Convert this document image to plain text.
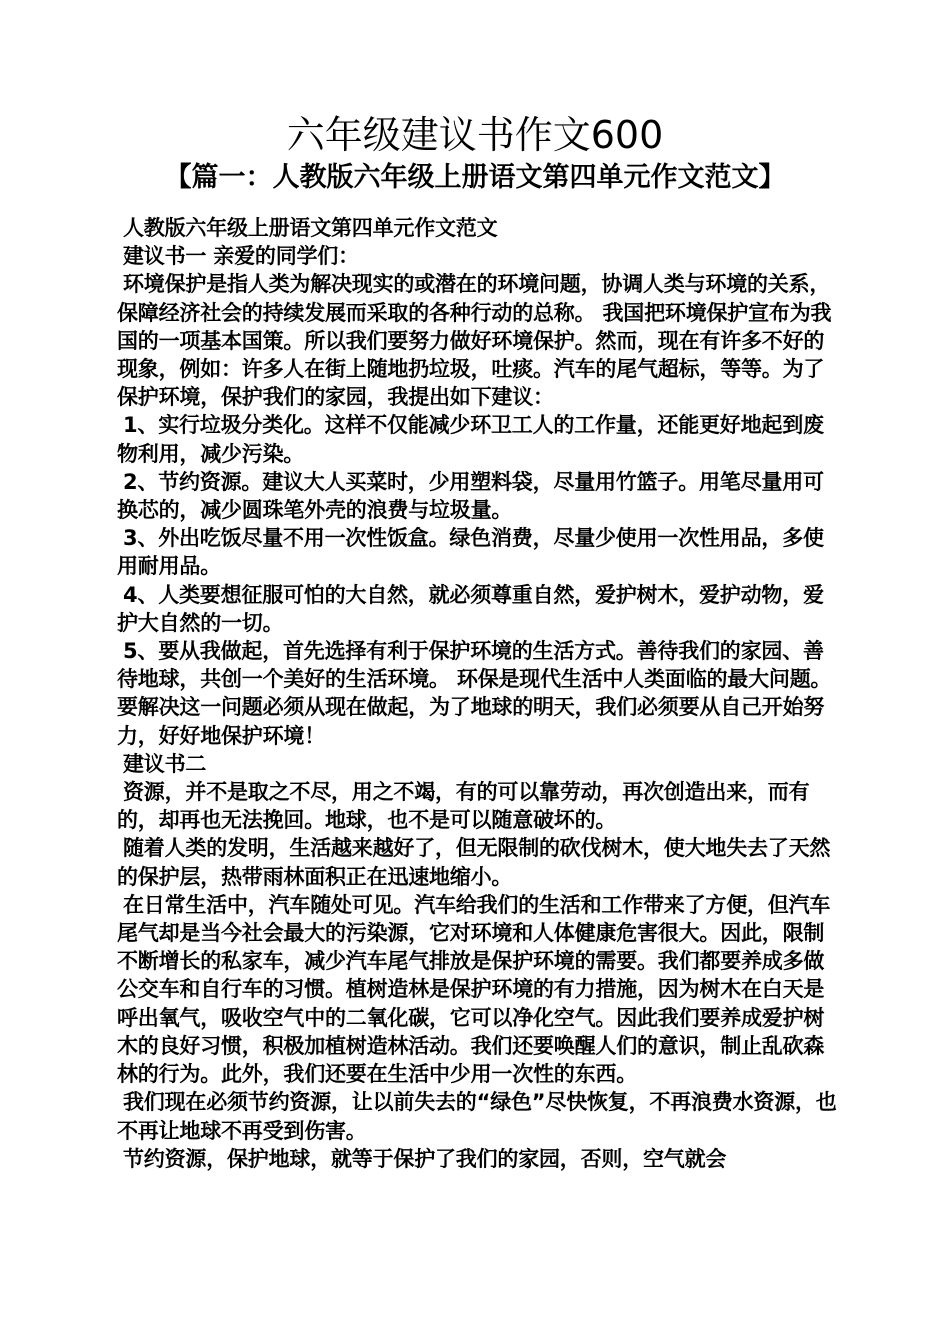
六年级建议书作文600
【篇一：人教版六年级上册语文第四单元作文范文】

人教版六年级上册语文第四单元作文范文

建议书一 亲爱的同学们：

环境保护是指人类为解决现实的或潜在的环境问题，协调人类与环境的关系，保障经济社会的持续发展而采取的各种行动的总称。 我国把环境保护宣布为我国的一项基本国策。所以我们要努力做好环境保护。然而，现在有许多不好的现象，例如：许多人在街上随地扔垃圾，吐痰。汽车的尾气超标，等等。为了保护环境，保护我们的家园，我提出如下建议：

1、实行垃圾分类化。这样不仅能减少环卫工人的工作量，还能更好地起到废物利用，减少污染。

2、节约资源。建议大人买菜时，少用塑料袋，尽量用竹篮子。用笔尽量用可换芯的，减少圆珠笔外壳的浪费与垃圾量。

3、外出吃饭尽量不用一次性饭盒。绿色消费，尽量少使用一次性用品，多使用耐用品。

4、人类要想征服可怕的大自然，就必须尊重自然，爱护树木，爱护动物，爱护大自然的一切。

5、要从我做起，首先选择有利于保护环境的生活方式。善待我们的家园、善待地球，共创一个美好的生活环境。 环保是现代生活中人类面临的最大问题。要解决这一问题必须从现在做起，为了地球的明天，我们必须要从自己开始努力，好好地保护环境！

建议书二

资源，并不是取之不尽，用之不竭，有的可以靠劳动，再次创造出来，而有的，却再也无法挽回。地球，也不是可以随意破坏的。

随着人类的发明，生活越来越好了，但无限制的砍伐树木，使大地失去了天然的保护层，热带雨林面积正在迅速地缩小。

在日常生活中，汽车随处可见。汽车给我们的生活和工作带来了方便，但汽车尾气却是当今社会最大的污染源，它对环境和人体健康危害很大。因此，限制不断增长的私家车，减少汽车尾气排放是保护环境的需要。我们都要养成多做公交车和自行车的习惯。植树造林是保护环境的有力措施，因为树木在白天是呼出氧气，吸收空气中的二氧化碳，它可以净化空气。因此我们要养成爱护树木的良好习惯，积极加植树造林活动。我们还要唤醒人们的意识，制止乱砍森林的行为。此外，我们还要在生活中少用一次性的东西。

我们现在必须节约资源，让以前失去的“绿色”尽快恢复，不再浪费水资源，也不再让地球不再受到伤害。

节约资源，保护地球，就等于保护了我们的家园，否则，空气就会
